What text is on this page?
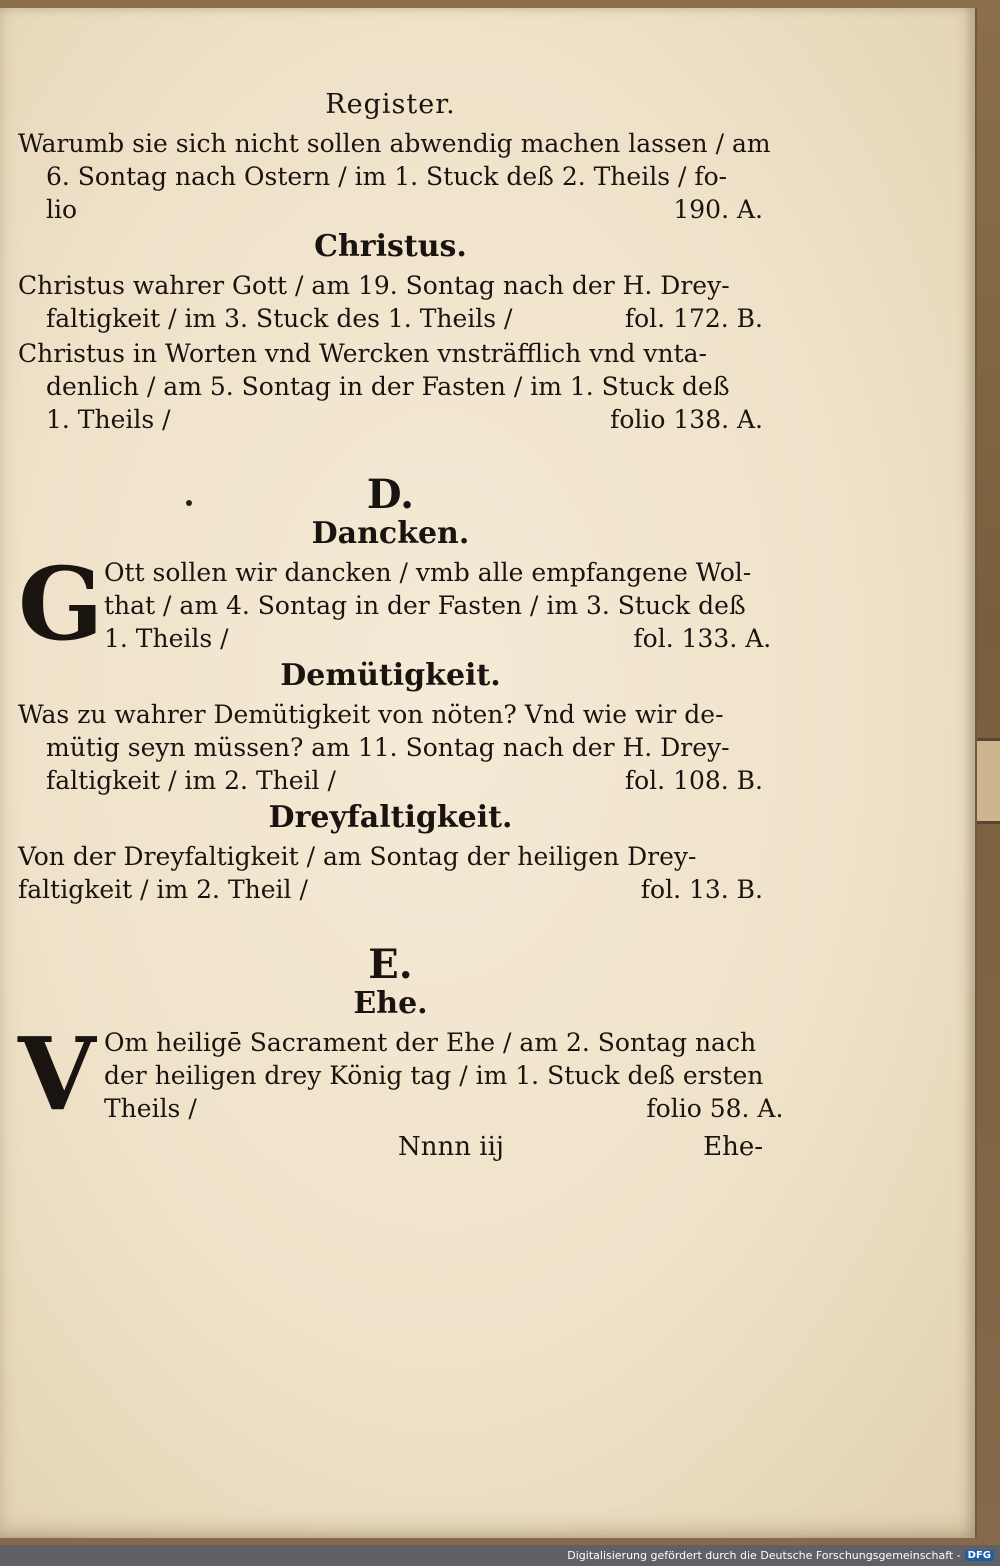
Register.
Warumb sie sich nicht sollen abwendig machen lassen / am
6. Sontag nach Ostern / im 1. Stuck deß 2. Theils / fo-
lio	190. A.
Christus.
Christus wahrer Gott / am 19. Sontag nach der H. Drey-
faltigkeit / im 3. Stuck des 1. Theils /	fol. 172. B.
Christus in Worten vnd Wercken vnsträfflich vnd vnta-
denlich / am 5. Sontag in der Fasten / im 1. Stuck deß
1. Theils /	folio 138. A.
D.
Dancken.
G Ott sollen wir dancken / vmb alle empfangene Wol-
that / am 4. Sontag in der Fasten / im 3. Stuck deß
1. Theils /	fol. 133. A.
Demütigkeit.
Was zu wahrer Demütigkeit von nöten? Vnd wie wir de-
mütig seyn müssen? am 11. Sontag nach der H. Drey-
faltigkeit / im 2. Theil /	fol. 108. B.
Dreyfaltigkeit.
Von der Dreyfaltigkeit / am Sontag der heiligen Drey-
faltigkeit / im 2. Theil /	fol. 13. B.
E.
Ehe.
V Om heiligē Sacrament der Ehe / am 2. Sontag nach
der heiligen drey König tag / im 1. Stuck deß ersten
Theils /	folio 58. A.
Nnnn iij	Ehe-
Digitalisierung gefördert durch die Deutsche Forschungsgemeinschaft - DFG
